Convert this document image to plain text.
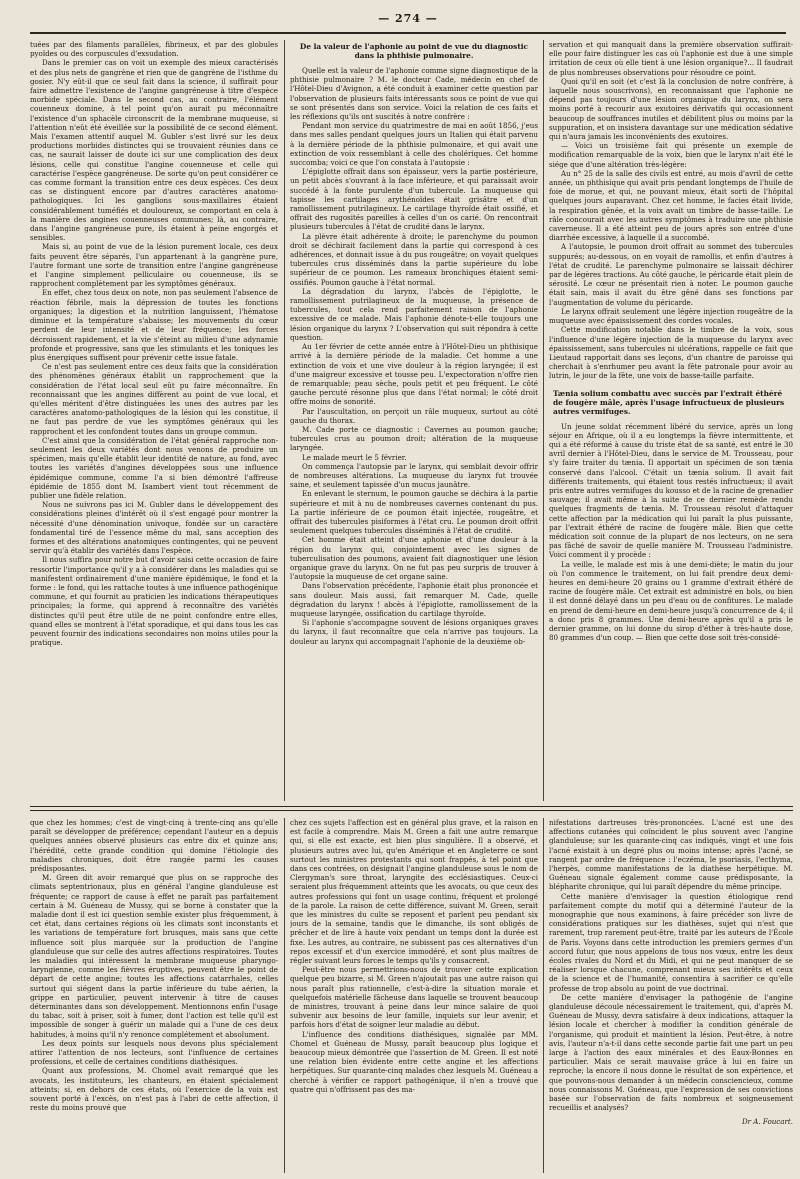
— 274 —

tuées par des filaments parallèles, fibrineux, et par des globules pyoïdes ou des corpuscules d'exsudation.

Dans le premier cas on voit un exemple des mieux caractérisés et des plus nets de gangrène et rien que de gangrène de l'isthme du gosier. N'y eût-il que ce seul fait dans la science, il suffirait pour faire admettre l'existence de l'angine gangréneuse à titre d'espèce morbide spéciale. Dans le second cas, au contraire, l'élément couenneux domine, à tel point qu'on aurait pu méconnaître l'existence d'un sphacèle circonscrit de la membrane muqueuse, si l'attention n'eût été éveillée sur la possibilité de ce second élément. Mais l'examen attentif auquel M. Gubler s'est livré sur les deux productions morbides distinctes qui se trouvaient réunies dans ce cas, ne saurait laisser de doute ici sur une complication des deux lésions, celle qui constitue l'angine couenneuse et celle qui caractérise l'espèce gangréneuse. De sorte qu'on peut considérer ce cas comme formant la transition entre ces deux espèces. Ces deux cas se distinguent encore par d'autres caractères anatomo-pathologiques. Ici les ganglions sous-maxillaires étaient considérablement tuméfiés et douloureux, se comportant en cela à la manière des angines couenneuses communes; là, au contraire, dans l'angine gangréneuse pure, ils étaient à peine engorgés et sensibles.

Mais si, au point de vue de la lésion purement locale, ces deux faits peuvent être séparés, l'un appartenant à la gangrène pure, l'autre formant une sorte de transition entre l'angine gangréneuse et l'angine simplement pelliculaire ou couenneuse, ils se rapprochent complètement par les symptômes généraux.

En effet, chez tous deux on note, non pas seulement l'absence de réaction fébrile, mais la dépression de toutes les fonctions organiques; la digestion et la nutrition languissent, l'hématose diminue et la température s'abaisse; les mouvements du cœur perdent de leur intensité et de leur fréquence; les forces décroissent rapidement, et la vie s'éteint au milieu d'une adynamie profonde et progressive, sans que les stimulants et les toniques les plus énergiques suffisent pour prévenir cette issue fatale.

Ce n'est pas seulement entre ces deux faits que la considération des phénomènes généraux établit un rapprochement que la considération de l'état local seul eût pu faire méconnaître. En reconnaissant que les angines diffèrent au point de vue local, et qu'elles méritent d'être distinguées les unes des autres par les caractères anatomo-pathologiques de la lésion qui les constitue, il ne faut pas perdre de vue les symptômes généraux qui les rapprochent et les confondent toutes dans un groupe commun.

C'est ainsi que la considération de l'état général rapproche non-seulement les deux variétés dont nous venons de produire un spécimen, mais qu'elle établit leur identité de nature, au fond, avec toutes les variétés d'angines développées sous une influence épidémique commune, comme l'a si bien démontré l'affreuse épidémie de 1855 dont M. Isambert vient tout récemment de publier une fidèle relation.

Nous ne suivrons pas ici M. Gubler dans le développement des considérations pleines d'intérêt où il s'est engagé pour montrer la nécessité d'une dénomination univoque, fondée sur un caractère fondamental tiré de l'essence même du mal, sans acception des formes et des altérations anatomiques contingentes, qui ne peuvent servir qu'à établir des variétés dans l'espèce.

Il nous suffira pour notre but d'avoir saisi cette occasion de faire ressortir l'importance qu'il y a à considérer dans les maladies qui se manifestent ordinairement d'une manière épidémique, le fond et la forme : le fond, qui les rattache toutes à une influence pathogénique commune, et qui fournit au praticien les indications thérapeutiques principales; la forme, qui apprend à reconnaître des variétés distinctes qu'il peut être utile de ne point confondre entre elles, quand elles se montrent à l'état sporadique, et qui dans tous les cas peuvent fournir des indications secondaires non moins utiles pour la pratique.

De la valeur de l'aphonie au point de vue du diagnostic dans la phthisie pulmonaire.

Quelle est la valeur de l'aphonie comme signe diagnostique de la phthisie pulmonaire ? M. le docteur Cade, médecin en chef de l'Hôtel-Dieu d'Avignon, a été conduit à examiner cette question par l'observation de plusieurs faits intéressants sous ce point de vue qui se sont présentés dans son service. Voici la relation de ces faits et les réflexions qu'ils ont suscités à notre confrère :

Pendant mon service du quatrimestre de mai en août 1856, j'eus dans mes salles pendant quelques jours un Italien qui était parvenu à la dernière période de la phthisie pulmonaire, et qui avait une extinction de voix ressemblant à celle des cholériques. Cet homme succomba; voici ce que l'on constata à l'autopsie :

L'épiglotte offrait dans son épaisseur, vers la partie postérieure, un petit abcès s'ouvrant à la face inférieure, et qui paraissait avoir succédé à la fonte purulente d'un tubercule. La muqueuse qui tapisse les cartilages arythénoïdes était grisâtre et d'un ramollissement putrilagineux. Le cartilage thyroïde était ossifié, et offrait des rugosités pareilles à celles d'un os carié. On rencontrait plusieurs tubercules à l'état de crudité dans le larynx.

La plèvre était adhérente à droite; le parenchyme du poumon droit se déchirait facilement dans la partie qui correspond à ces adhérences, et donnait issue à du pus rougeâtre; on voyait quelques tubercules crus disséminés dans la partie supérieure du lobe supérieur de ce poumon. Les rameaux bronchiques étaient semi-ossifiés. Poumon gauche à l'état normal.

La dégradation du larynx, l'abcès de l'épiglotte, le ramollissement putrilagineux de la muqueuse, la présence de tubercules, tout cela rend parfaitement raison de l'aphonie excessive de ce malade. Mais l'aphonie dénote-t-elle toujours une lésion organique du larynx ? L'observation qui suit répondra à cette question.

Au 1er février de cette année entre à l'Hôtel-Dieu un phthisique arrivé à la dernière période de la maladie. Cet homme a une extinction de voix et une vive douleur à la région laryngée; il est d'une maigreur excessive et tousse peu. L'expectoration n'offre rien de remarquable; peau sèche, pouls petit et peu fréquent. Le côté gauche percuté résonne plus que dans l'état normal; le côté droit offre moins de sonorité.

Par l'auscultation, on perçoit un râle muqueux, surtout au côté gauche du thorax.

M. Cade porte ce diagnostic : Cavernes au poumon gauche; tubercules crus au poumon droit; altération de la muqueuse laryngée.

Le malade meurt le 5 février.

On commença l'autopsie par le larynx, qui semblait devoir offrir de nombreuses altérations. La muqueuse du larynx fut trouvée saine, et seulement tapissée d'un mucus jaunâtre.

En enlevant le sternum, le poumon gauche se déchira à la partie supérieure et mit à nu de nombreuses cavernes contenant du pus. La partie inférieure de ce poumon était injectée, rougeâtre, et offrait des tubercules pisiformes à l'état cru. Le poumon droit offrit seulement quelques tubercules disséminés à l'état de crudité.

Cet homme était atteint d'une aphonie et d'une douleur à la région du larynx qui, conjointement avec les signes de tuberculisation des poumons, avaient fait diagnostiquer une lésion organique grave du larynx. On ne fut pas peu surpris de trouver à l'autopsie la muqueuse de cet organe saine.

Dans l'observation précédente, l'aphonie était plus prononcée et sans douleur. Mais aussi, fait remarquer M. Cade, quelle dégradation du larynx ! abcès à l'épiglotte, ramollissement de la muqueuse laryngée, ossification du cartilage thyroïde.

Si l'aphonie s'accompagne souvent de lésions organiques graves du larynx, il faut reconnaître que cela n'arrive pas toujours. La douleur au larynx qui accompagnait l'aphonie de la deuxième ob-

servation et qui manquait dans la première observation suffirait-elle pour faire distinguer les cas où l'aphonie est due à une simple irritation de ceux où elle tient à une lésion organique?... Il faudrait de plus nombreuses observations pour résoudre ce point.

Quoi qu'il en soit (et c'est là la conclusion de notre confrère, à laquelle nous souscrivons), en reconnaissant que l'aphonie ne dépend pas toujours d'une lésion organique du larynx, on sera moins porté à recourir aux exutoires dérivatifs qui occasionnent beaucoup de souffrances inutiles et débilitent plus ou moins par la suppuration, et on insistera davantage sur une médication sédative qui n'aura jamais les inconvénients des exutoires.

— Voici un troisième fait qui présente un exemple de modification remarquable de la voix, bien que le larynx n'ait été le siége que d'une altération très-légère:

Au n° 25 de la salle des civils est entré, au mois d'avril de cette année, un phthisique qui avait pris pendant longtemps de l'huile de foie de morue, et qui, ne pouvant mieux, était sorti de l'hôpital quelques jours auparavant. Chez cet homme, le facies était livide, la respiration gênée, et la voix avait un timbre de basse-taille. Le râle concourait avec les autres symptômes à traduire une phthisie caverneuse. Il a été atteint peu de jours après son entrée d'une diarrhée excessive, à laquelle il a succombé.

A l'autopsie, le poumon droit offrait au sommet des tubercules suppurés; au-dessous, on en voyait de ramollis, et enfin d'autres à l'état de crudité. Le parenchyme pulmonaire se laissait déchirer par de légères tractions. Au côté gauche, le péricarde était plein de sérosité. Le cœur ne présentait rien à noter. Le poumon gauche était sain, mais il avait du être gêné dans ses fonctions par l'augmentation de volume du péricarde.

Le larynx offrait seulement une légère injection rougeâtre de la muqueuse avec épaississement des cordes vocales.

Cette modification notable dans le timbre de la voix, sous l'influence d'une légère injection de la muqueuse du larynx avec épaississement, sans tubercules ni ulcérations, rappelle ce fait que Lieutaud rapportait dans ses leçons, d'un chantre de paroisse qui cherchait à s'enrhumer peu avant la fête patronale pour avoir au lutrin, le jour de la fête, une voix de basse-taille parfaite.

Tænia solium combattu avec succès par l'extrait éthéré de fougère mâle, après l'usage infructueux de plusieurs autres vermifuges.

Un jeune soldat récemment libéré du service, après un long séjour en Afrique, où il a eu longtemps la fièvre intermittente, et qui a été réformé à cause du triste état de sa santé, est entré le 30 avril dernier à l'Hôtel-Dieu, dans le service de M. Trousseau, pour s'y faire traiter du tænia. Il apportait un spécimen de son tænia conservé dans l'alcool. C'était un tænia solium. Il avait fait différents traitements, qui étaient tous restés infructueux; il avait pris entre autres vermifuges du kousso et de la racine de grenadier sauvage; il avait même à la suite de ce dernier remède rendu quelques fragments de tænia. M. Trousseau résolut d'attaquer cette affection par la médication qui lui paraît la plus puissante, par l'extrait éthéré de racine de fougère mâle. Bien que cette médication soit connue de la plupart de nos lecteurs, on ne sera pas fâché de savoir de quelle manière M. Trousseau l'administre. Voici comment il y procède :

La veille, le malade est mis à une demi-diète; le matin du jour où l'on commence le traitement, on lui fait prendre deux demi-heures en demi-heure 20 grains ou 1 gramme d'extrait éthéré de racine de fougère mâle. Cet extrait est administré en bols, ou bien il est donné délayé dans un peu d'eau ou de confitures. Le malade en prend de demi-heure en demi-heure jusqu'à concurrence de 4; il a donc pris 8 grammes. Une demi-heure après qu'il a pris le dernier gramme, on lui donne du sirop d'éther à très-haute dose, 80 grammes d'un coup. — Bien que cette dose soit très-considé-

que chez les hommes; c'est de vingt-cinq à trente-cinq ans qu'elle paraît se développer de préférence; cependant l'auteur en a depuis quelques années observé plusieurs cas entre dix et quinze ans; l'hérédité, cette grande condition qui domine l'étiologie des maladies chroniques, doit être rangée parmi les causes prédisposantes.

M. Green dit avoir remarqué que plus on se rapproche des climats septentrionaux, plus en général l'angine glanduleuse est fréquente; ce rapport de cause à effet ne paraît pas parfaitement certain à M. Guéneau de Mussy, qui se borne à constater que la maladie dont il est ici question semble exister plus fréquemment, à cet état, dans certaines régions où les climats sont inconstants et les variations de température fort brusques, mais sans que cette influence soit plus marquée sur la production de l'angine glanduleuse que sur celle des autres affections respiratoires. Toutes les maladies qui intéressent la membrane muqueuse pharyngo-laryngienne, comme les fièvres éruptives, peuvent être le point de départ de cette angine; toutes les affections catarrhales, celles surtout qui siégent dans la partie inférieure du tube aérien, la grippe en particulier, peuvent intervenir à titre de causes déterminantes dans son développement. Mentionnons enfin l'usage du tabac, soit à priser, soit à fumer, dont l'action est telle qu'il est impossible de songer à guérir un malade qui a l'une de ces deux habitudes, à moins qu'il n'y renonce complétement et absolument.

Les deux points sur lesquels nous devons plus spécialement attirer l'attention de nos lecteurs, sont l'influence de certaines professions, et celle de certaines conditions diathésiques.

Quant aux professions, M. Chomel avait remarqué que les avocats, les instituteurs, les chanteurs, en étaient spécialement atteints; si, en dehors de ces états, où l'exercice de la voix est souvent porté à l'excès, on n'est pas à l'abri de cette affection, il reste du moins prouvé que

chez ces sujets l'affection est en général plus grave, et la raison en est facile à comprendre. Mais M. Green a fait une autre remarque qui, si elle est exacte, est bien plus singulière. Il a observé, et plusieurs autres avec lui, qu'en Amérique et en Angleterre ce sont surtout les ministres protestants qui sont frappés, à tel point que dans ces contrées, on désignait l'angine glanduleuse sous le nom de Clergyman's sore throat, laryngite des ecclésiastiques. Ceux-ci seraient plus fréquemment atteints que les avocats, ou que ceux des autres professions qui font un usage continu, fréquent et prolongé de la parole. La raison de cette différence, suivant M. Green, serait que les ministres du culte se reposent et parlent peu pendant six jours de la semaine, tandis que le dimanche, ils sont obligés de prêcher et de lire à haute voix pendant un temps dont la durée est fixe. Les autres, au contraire, ne subissent pas ces alternatives d'un repos excessif et d'un exercice immodéré, et sont plus maîtres de régler suivant leurs forces le temps qu'ils y consacrent.

Peut-être nous permettrions-nous de trouver cette explication quelque peu bizarre, si M. Green n'ajoutait pas une autre raison qui nous paraît plus rationnelle, c'est-à-dire la situation morale et quelquefois matérielle fâcheuse dans laquelle se trouvent beaucoup de ministres, trouvant à peine dans leur mince salaire de quoi subvenir aux besoins de leur famille, inquiets sur leur avenir, et parfois hors d'état de soigner leur maladie au début.

L'influence des conditions diathésiques, signalée par MM. Chomel et Guéneau de Mussy, paraît beaucoup plus logique et beaucoup mieux démontrée que l'assertion de M. Green. Il est noté une relation bien évidente entre cette angine et les affections herpétiques. Sur quarante-cinq malades chez lesquels M. Guéneau a cherché à vérifier ce rapport pathogénique, il n'en a trouvé que quatre qui n'offrissent pas des ma-

nifestations dartreuses très-prononcées. L'acné est une des affections cutanées qui coïncident le plus souvent avec l'angine glanduleuse; sur les quarante-cinq cas indiqués, vingt et une fois l'acné existait à un degré plus ou moins intense; après l'acné, se rangent par ordre de fréquence : l'eczéma, le psoriasis, l'ecthyma, l'herpès, comme manifestations de la diathèse herpétique. M. Guéneau signale également comme cause prédisposante, la blépharite chronique, qui lui paraît dépendre du même principe.

Cette manière d'envisager la question étiologique rend parfaitement compte du motif qui a déterminé l'auteur de la monographie que nous examinons, à faire précéder son livre de considérations pratiques sur les diathèses, sujet qui n'est que rarement, trop rarement peut-être, traité par les auteurs de l'École de Paris. Voyons dans cette introduction les premiers germes d'un accord futur, que nous appelons de tous nos vœux, entre les deux écoles rivales du Nord et du Midi, et qui ne peut manquer de se réaliser lorsque chacune, comprenant mieux ses intérêts et ceux de la science et de l'humanité, consentira à sacrifier ce qu'elle professe de trop absolu au point de vue doctrinal.

De cette manière d'envisager la pathogénie de l'angine glanduleuse découle nécessairement le traitement, qui, d'après M. Guéneau de Mussy, devra satisfaire à deux indications, attaquer la lésion locale et chercher à modifier la condition générale de l'organisme, qui produit et maintient la lésion. Peut-être, à notre avis, l'auteur n'a-t-il dans cette seconde partie fait une part un peu large à l'action des eaux minérales et des Eaux-Bonnes en particulier. Mais ce serait mauvaise grâce à lui en faire un reproche; la encore il nous donne le résultat de son expérience, et que pouvons-nous demander à un médecin consciencieux, comme nous connaissons M. Guéneau, que l'expression de ses convictions basée sur l'observation de faits nombreux et soigneusement recueillis et analysés?

Dr A. Foucart.
